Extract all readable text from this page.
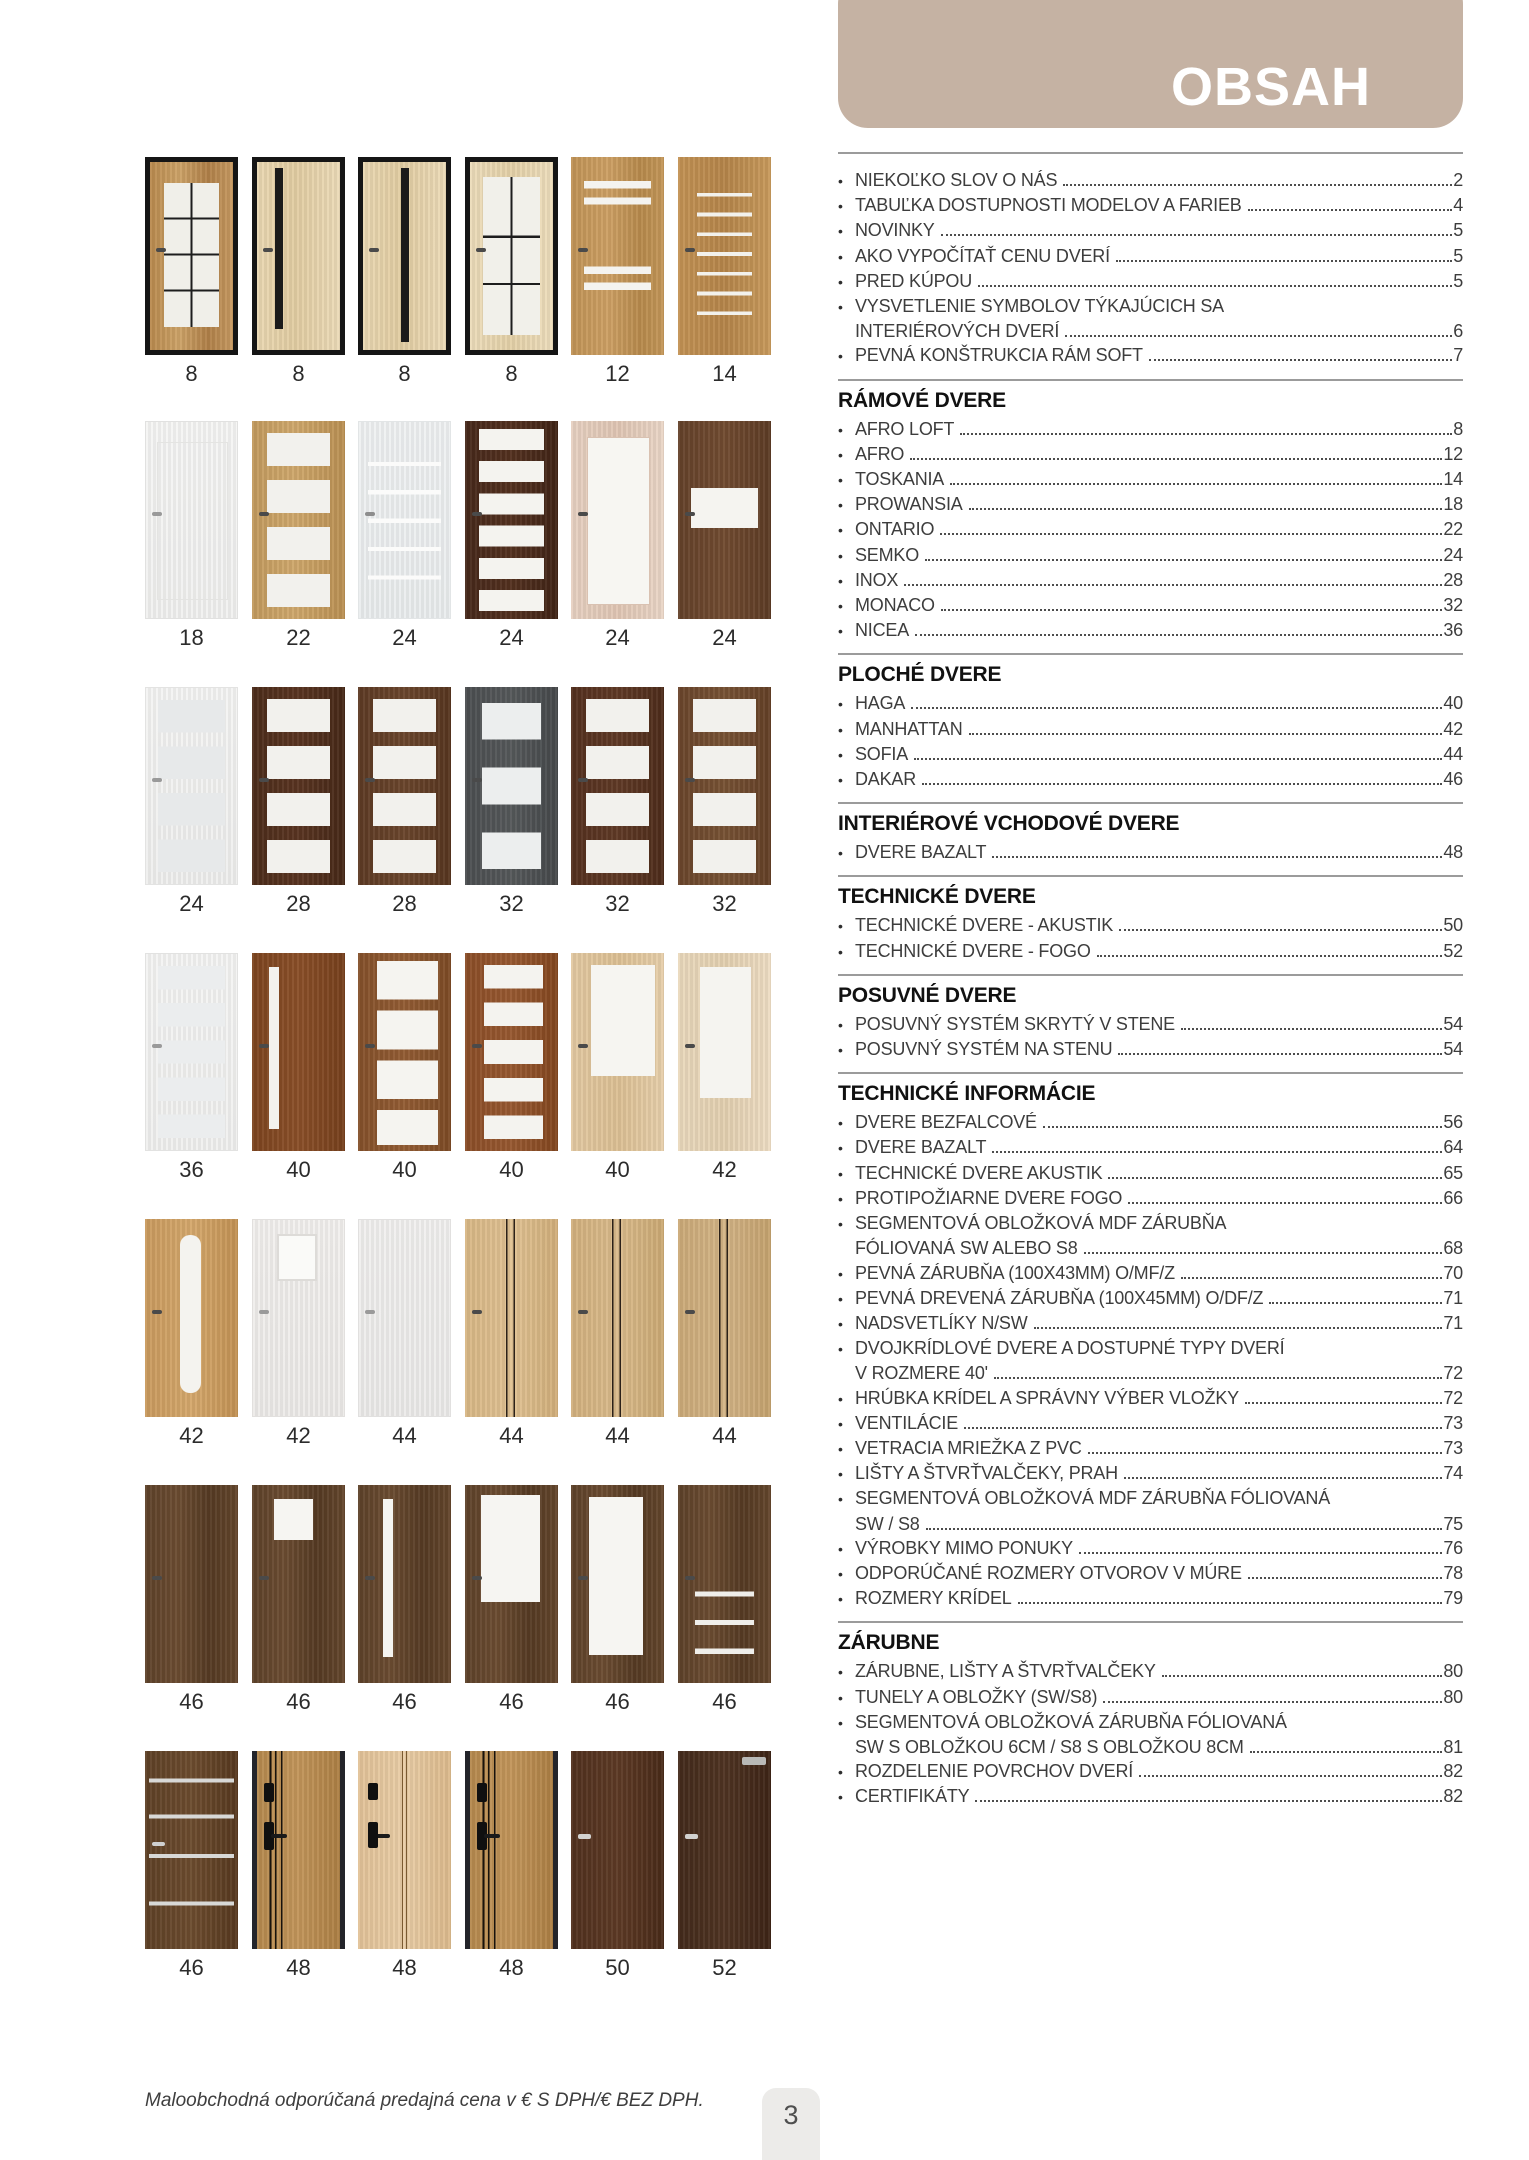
OBSAH
• NIEKOĽKO SLOV O NÁS	2
• TABUĽKA DOSTUPNOSTI MODELOV A FARIEB	4
• NOVINKY	5
• AKO VYPOČÍTAŤ CENU DVERÍ	5
• PRED KÚPOU	5
• VYSVETLENIE SYMBOLOV TÝKAJÚCICH SA
INTERIÉROVÝCH DVERÍ	6
• PEVNÁ KONŠTRUKCIA RÁM SOFT	7
RÁMOVÉ DVERE
• AFRO LOFT	8
• AFRO	12
• TOSKANIA	14
• PROWANSIA	18
• ONTARIO	22
• SEMKO	24
• INOX	28
• MONACO	32
• NICEA	36
PLOCHÉ DVERE
• HAGA	40
• MANHATTAN	42
• SOFIA	44
• DAKAR	46
INTERIÉROVÉ VCHODOVÉ DVERE
• DVERE BAZALT	48
TECHNICKÉ DVERE
• TECHNICKÉ DVERE - AKUSTIK	50
• TECHNICKÉ DVERE - FOGO	52
POSUVNÉ DVERE
• POSUVNÝ SYSTÉM SKRYTÝ V STENE	54
• POSUVNÝ SYSTÉM NA STENU	54
TECHNICKÉ INFORMÁCIE
• DVERE BEZFALCOVÉ	56
• DVERE BAZALT	64
• TECHNICKÉ DVERE AKUSTIK	65
• PROTIPOŽIARNE DVERE FOGO	66
• SEGMENTOVÁ OBLOŽKOVÁ MDF ZÁRUBŇA
FÓLIOVANÁ SW ALEBO S8	68
• PEVNÁ ZÁRUBŇA (100X43MM) O/MF/Z	70
• PEVNÁ DREVENÁ ZÁRUBŇA (100X45MM) O/DF/Z	71
• NADSVETLÍKY N/SW	71
• DVOJKRÍDLOVÉ DVERE A DOSTUPNÉ TYPY DVERÍ
V ROZMERE 40'	72
• HRÚBKA KRÍDEL A SPRÁVNY VÝBER VLOŽKY	72
• VENTILÁCIE	73
• VETRACIA MRIEŽKA Z PVC	73
• LIŠTY A ŠTVRŤVALČEKY, PRAH	74
• SEGMENTOVÁ OBLOŽKOVÁ MDF ZÁRUBŇA FÓLIOVANÁ
SW / S8	75
• VÝROBKY MIMO PONUKY	76
• ODPORÚČANÉ ROZMERY OTVOROV V MÚRE	78
• ROZMERY KRÍDEL	79
ZÁRUBNE
• ZÁRUBNE, LIŠTY A ŠTVRŤVALČEKY	80
• TUNELY A OBLOŽKY (SW/S8)	80
• SEGMENTOVÁ OBLOŽKOVÁ ZÁRUBŇA FÓLIOVANÁ
SW S OBLOŽKOU 6CM / S8 S OBLOŽKOU 8CM	81
• ROZDELENIE POVRCHOV DVERÍ	82
• CERTIFIKÁTY	82
8	8	8	8	12	14
18	22	24	24	24	24
24	28	28	32	32	32
36	40	40	40	40	42
42	42	44	44	44	44
46	46	46	46	46	46
46	48	48	48	50	52
Maloobchodná odporúčaná predajná cena v € S DPH/€ BEZ DPH.	3
